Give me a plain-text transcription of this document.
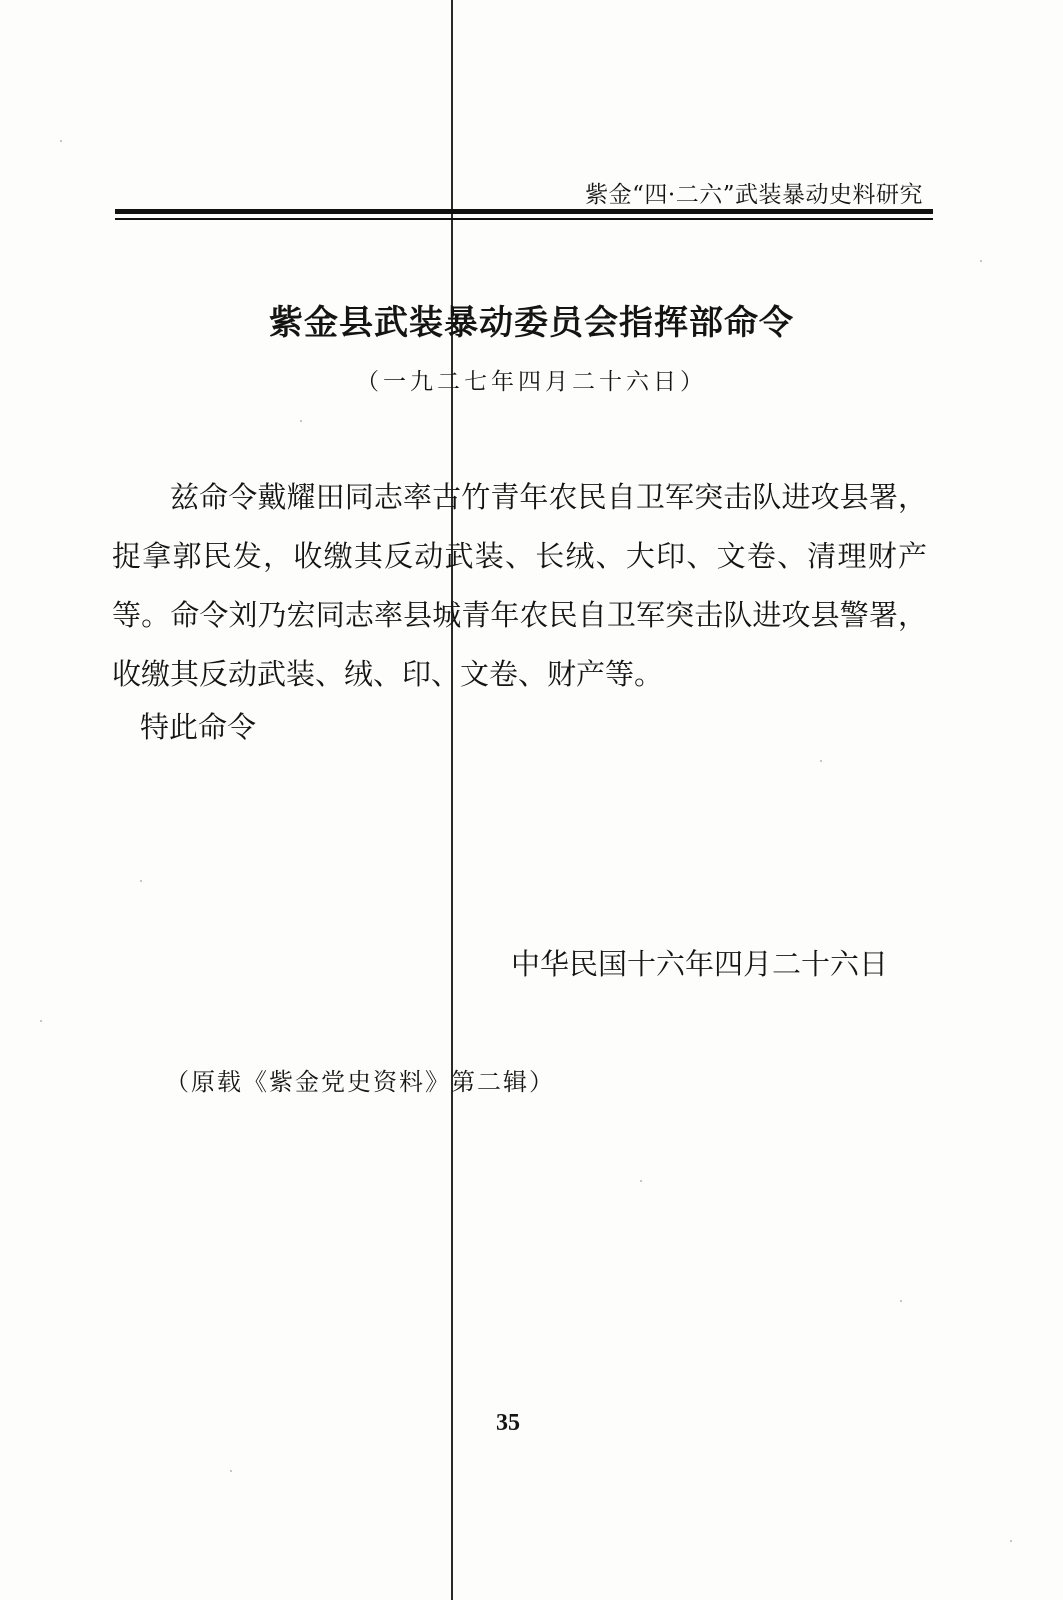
紫金“四·二六”武装暴动史料研究
紫金县武装暴动委员会指挥部命令
（一九二七年四月二十六日）

兹命令戴耀田同志率古竹青年农民自卫军突击队进攻县署，捉拿郭民发，收缴其反动武装、长绒、大印、文卷、清理财产等。命令刘乃宏同志率县城青年农民自卫军突击队进攻县警署，收缴其反动武装、绒、印、文卷、财产等。

特此命令
中华民国十六年四月二十六日
（原载《紫金党史资料》第二辑）
35
